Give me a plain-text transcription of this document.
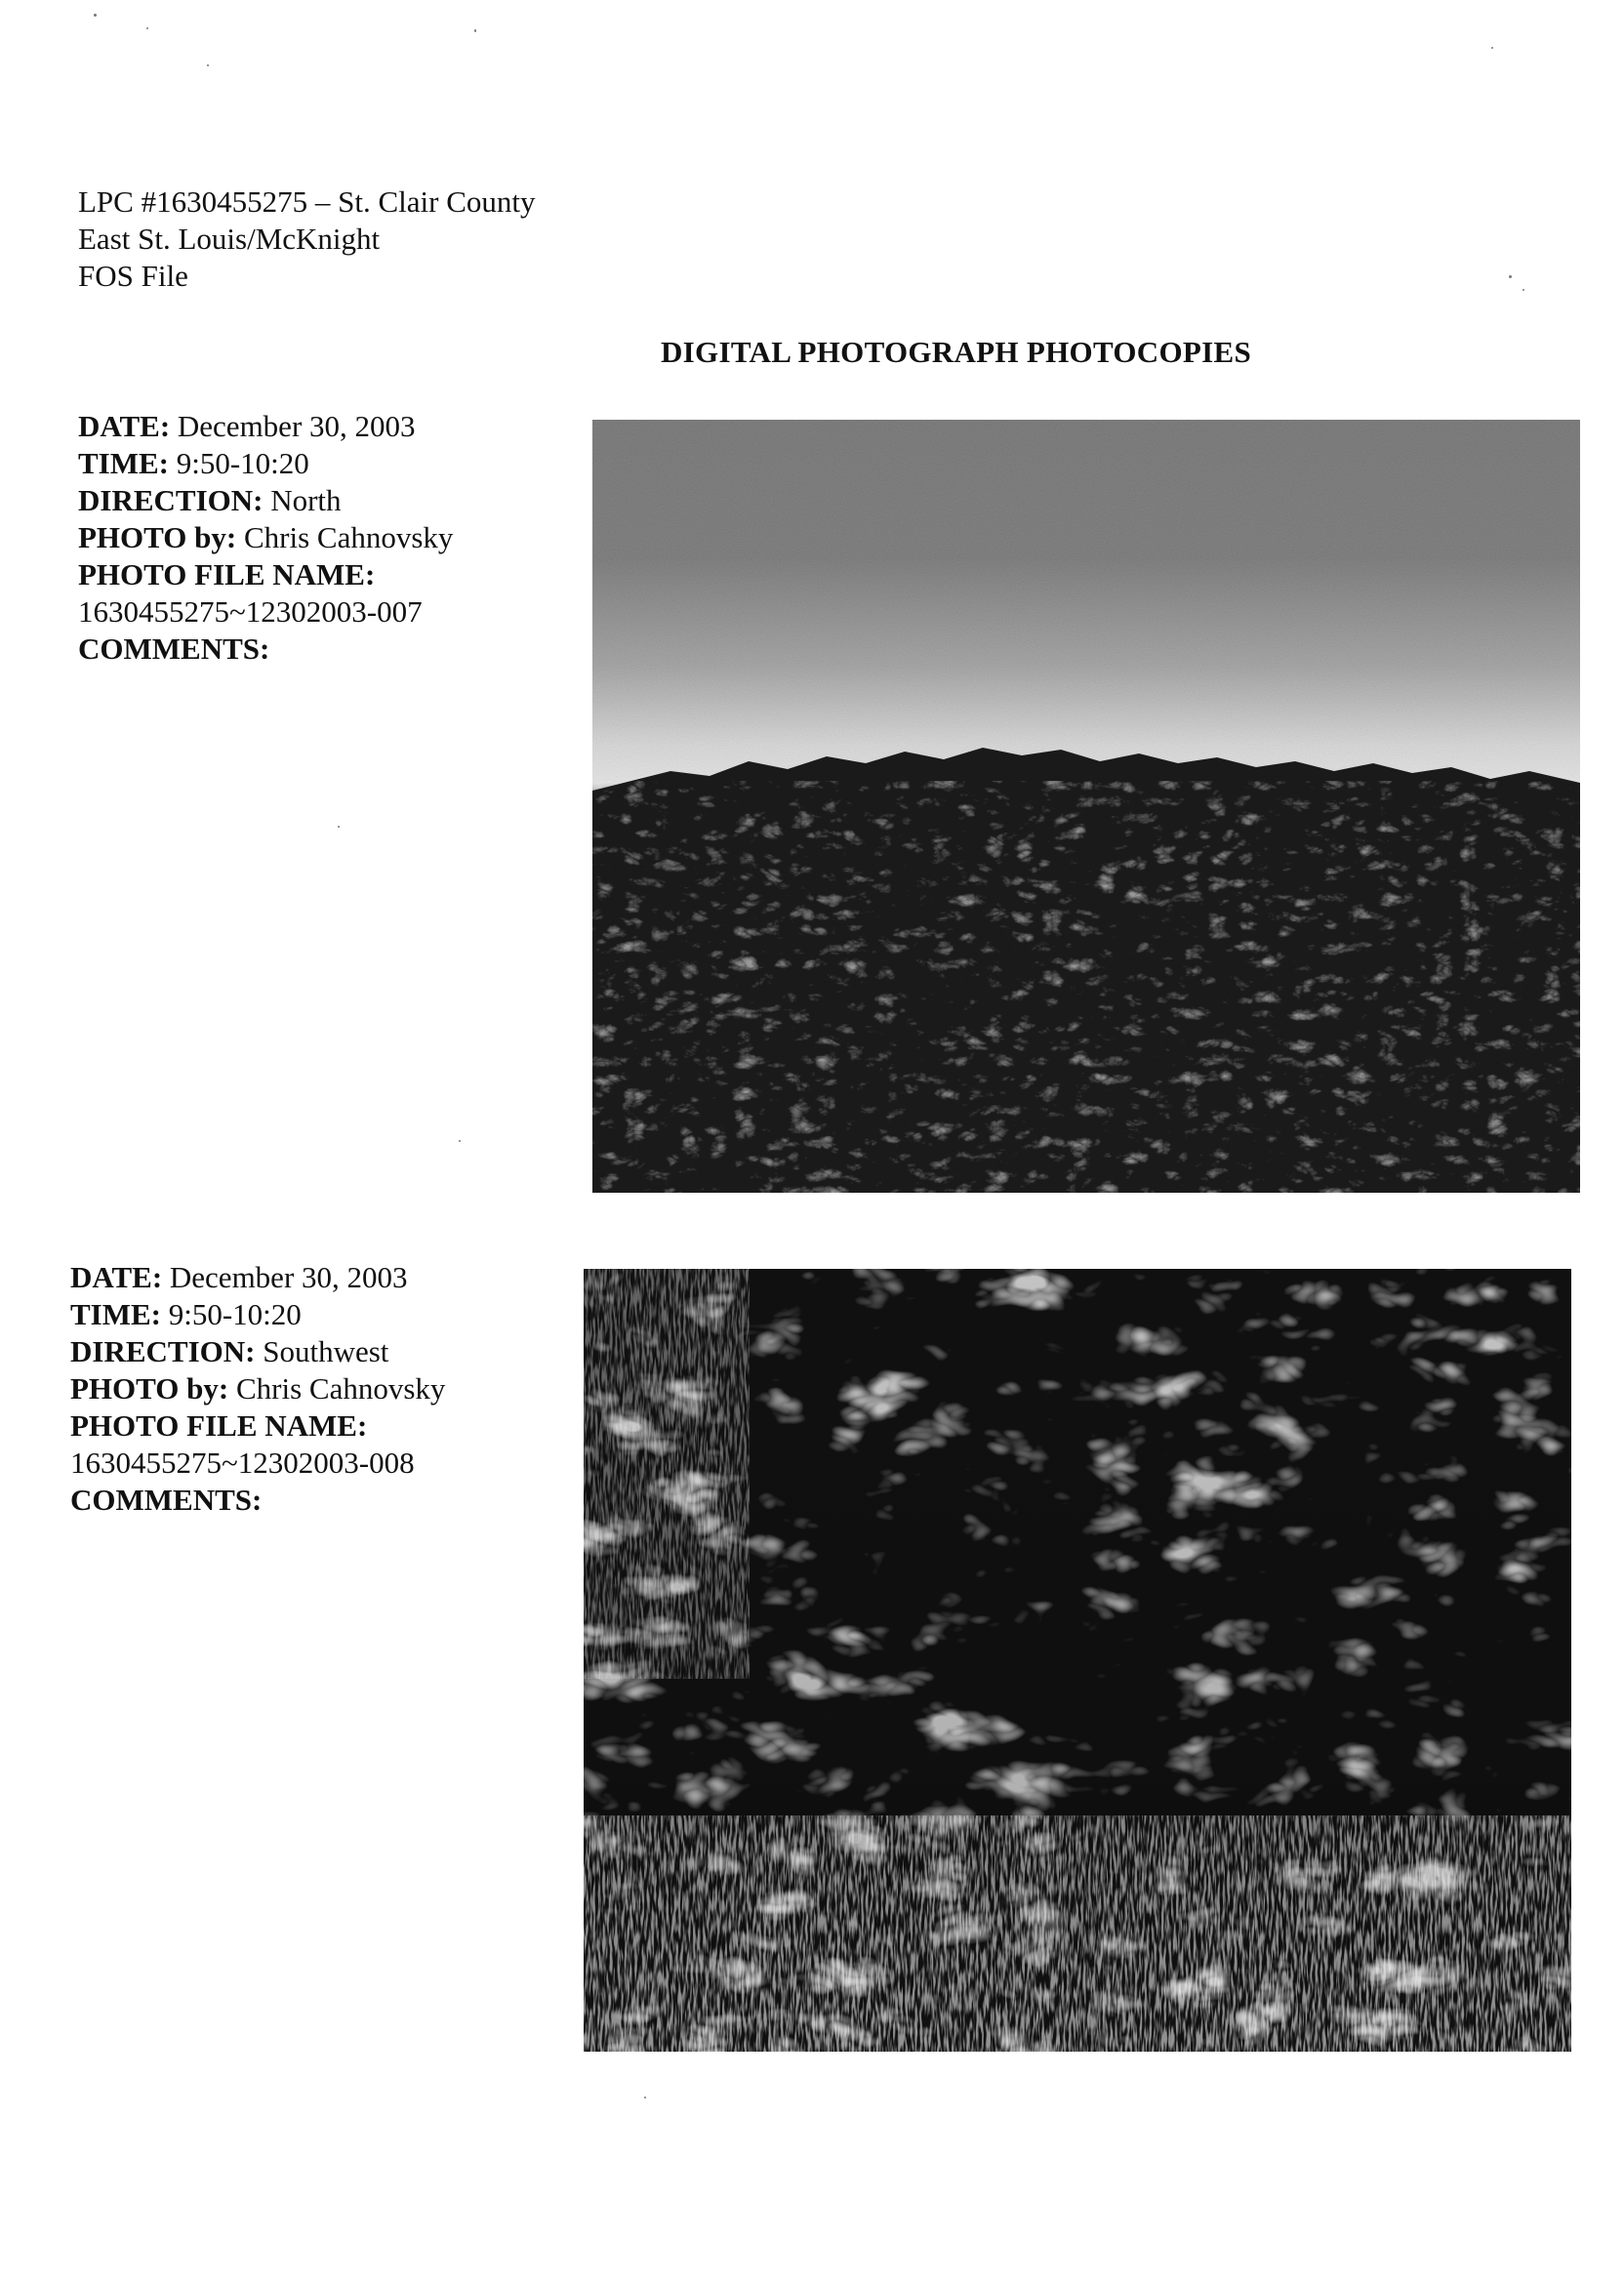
LPC #1630455275 – St. Clair County
East St. Louis/McKnight
FOS File
DIGITAL PHOTOGRAPH PHOTOCOPIES
DATE: December 30, 2003
TIME: 9:50-10:20
DIRECTION: North
PHOTO by: Chris Cahnovsky
PHOTO FILE NAME:
1630455275~12302003-007
COMMENTS:
DATE: December 30, 2003
TIME: 9:50-10:20
DIRECTION: Southwest
PHOTO by: Chris Cahnovsky
PHOTO FILE NAME:
1630455275~12302003-008
COMMENTS:
